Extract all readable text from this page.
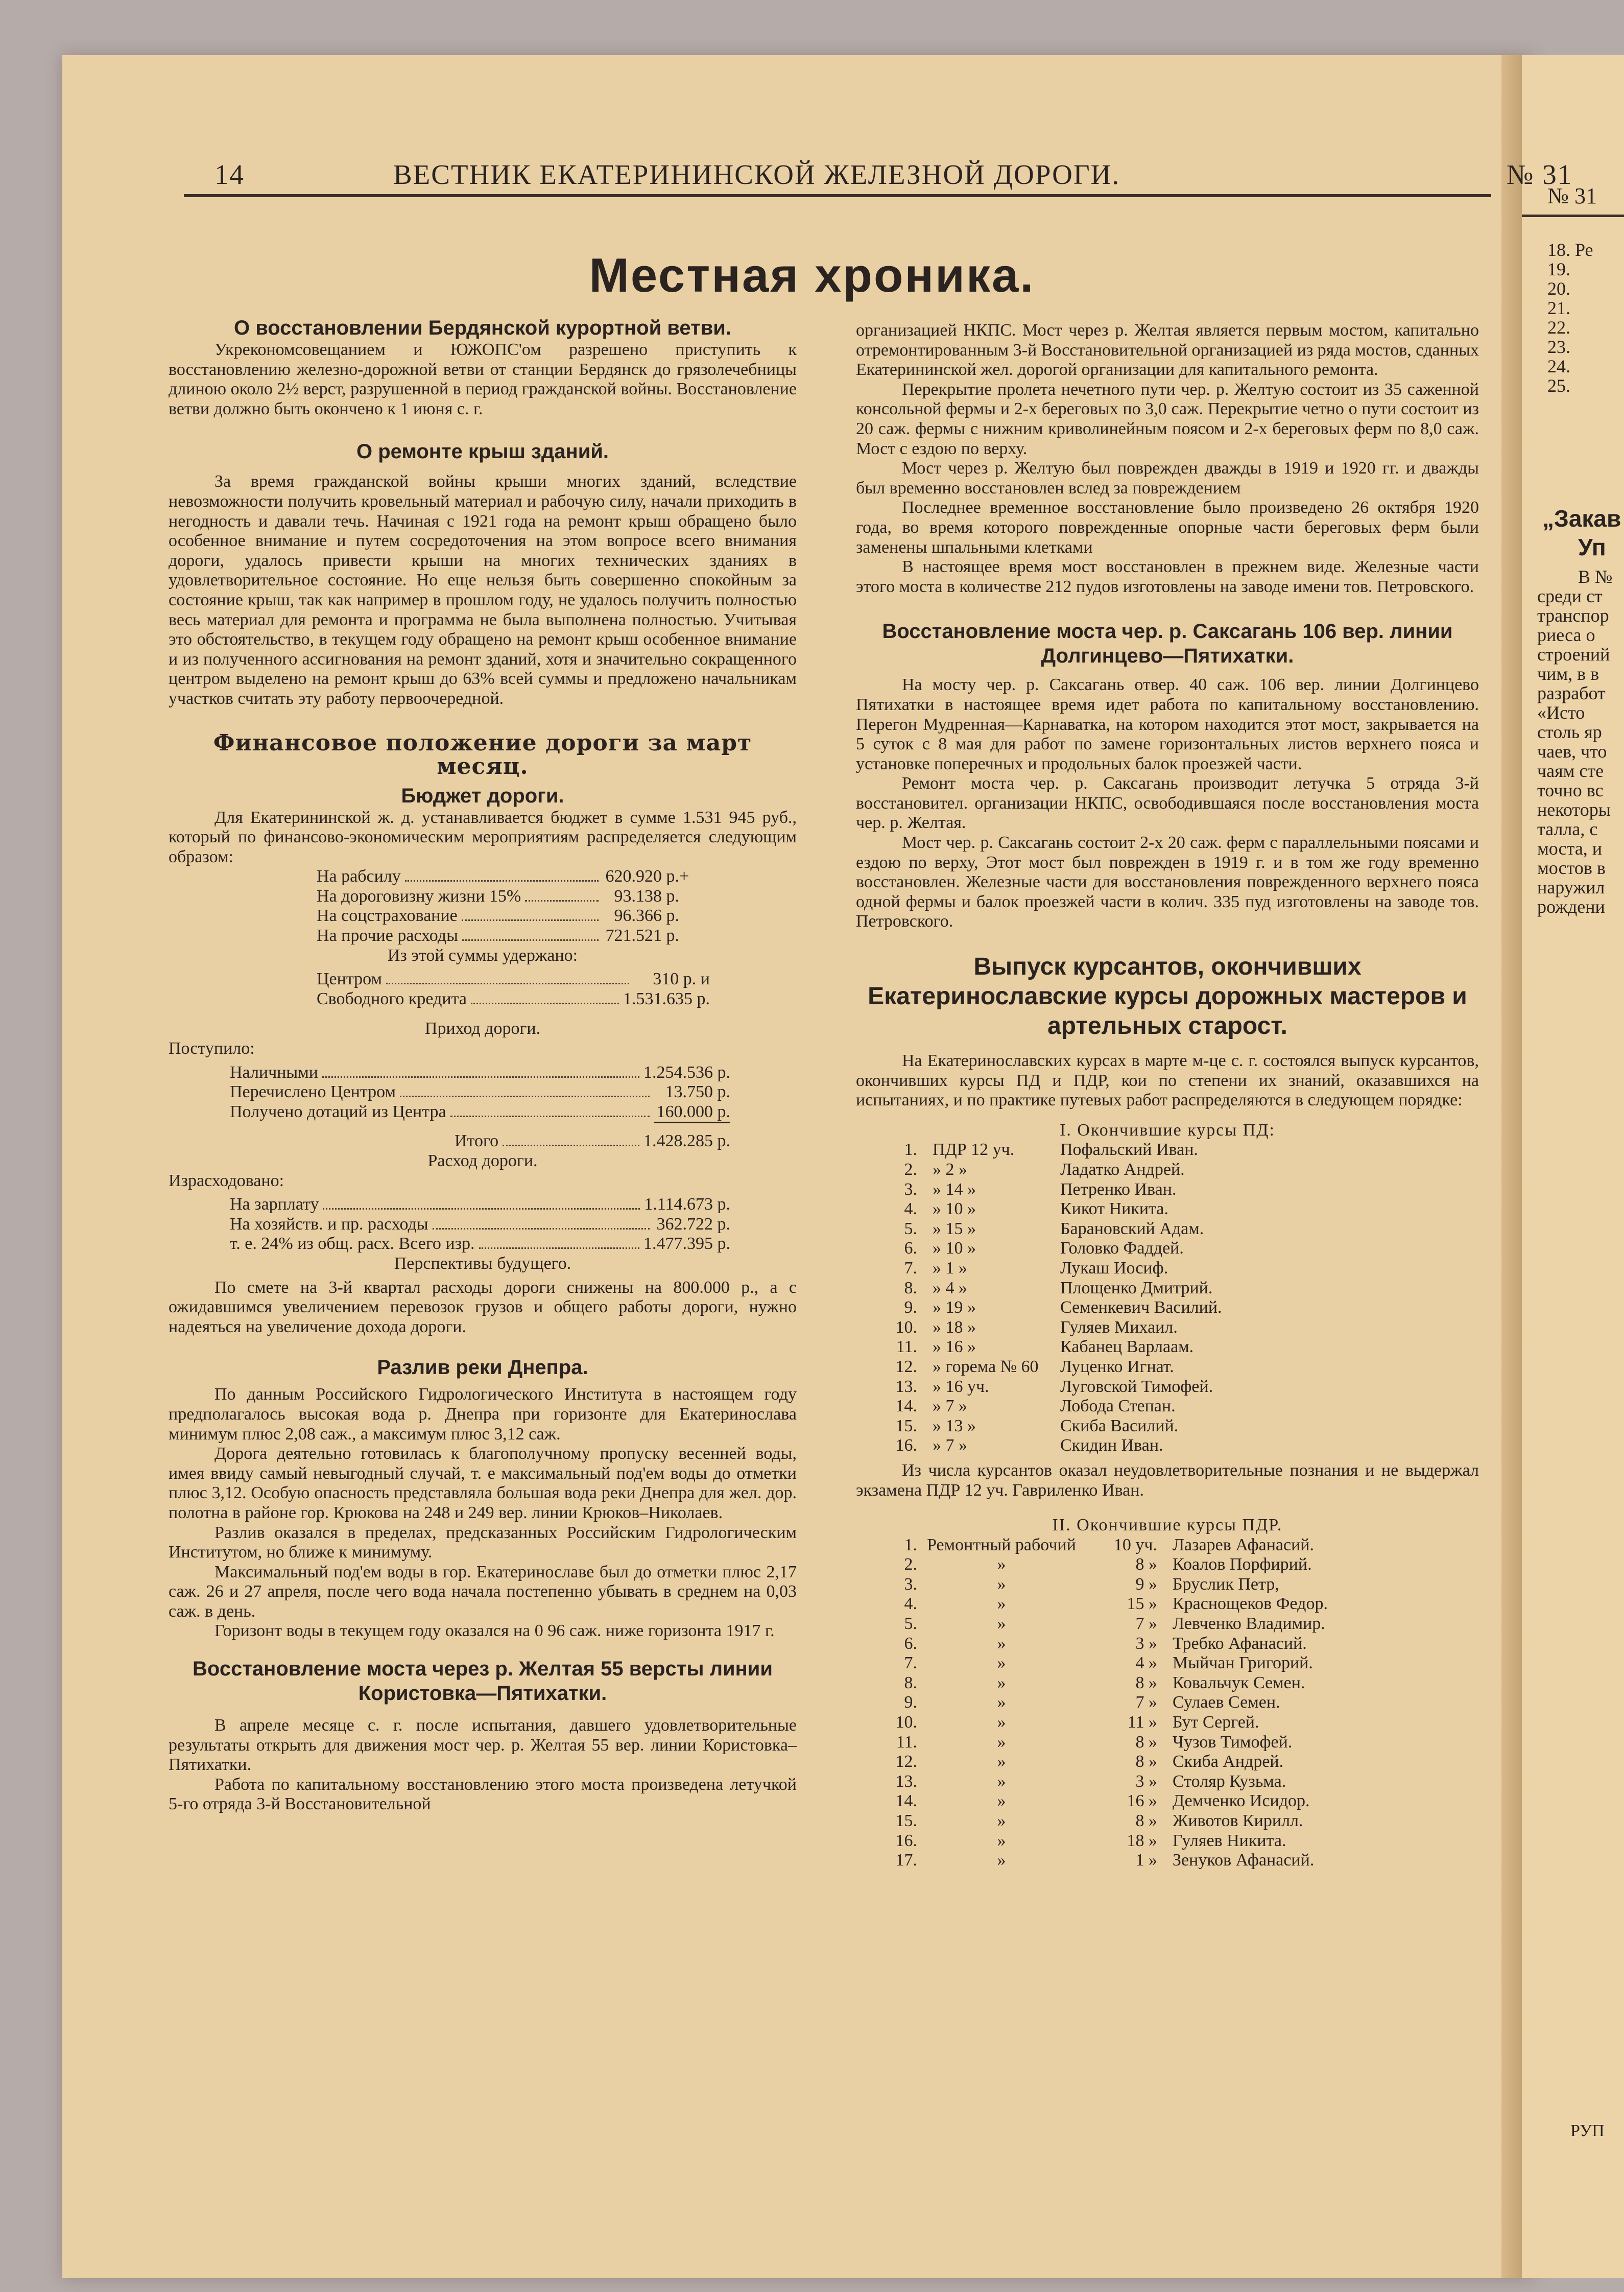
№ 31
18. Ре
19.
20.
21.
22.
23.
24.
25.
„Закав
Уп
В №
среди ст
транспор
риеса о
строений
чим, в в
разработ
«Исто
столь яр
чаев, что
чаям сте
точно вс
некоторы
талла, с
моста, и
мостов в
наружил
рождени
РУП
14	ВЕСТНИК ЕКАТЕРИНИНСКОЙ ЖЕЛЕЗНОЙ ДОРОГИ.	№ 31
Местная хроника.
О восстановлении Бердянской курортной ветви.

Укрекономсовещанием и ЮЖОПС'ом разрешено приступить к восстановлению железно-дорожной ветви от станции Бердянск до грязолечебницы длиною около 2½ верст, разрушенной в период гражданской войны. Восстановление ветви должно быть окончено к 1 июня с. г.

О ремонте крыш зданий.

За время гражданской войны крыши многих зданий, вследствие невозможности получить кровельный материал и рабочую силу, начали приходить в негодность и давали течь. Начиная с 1921 года на ремонт крыш обращено было особенное внимание и путем сосредоточения на этом вопросе всего внимания дороги, удалось привести крыши на многих технических зданиях в удовлетворительное состояние. Но еще нельзя быть совершенно спокойным за состояние крыш, так как например в прошлом году, не удалось получить полностью весь материал для ремонта и программа не была выполнена полностью. Учитывая это обстоятельство, в текущем году обращено на ремонт крыш особенное внимание и из полученного ассигнования на ремонт зданий, хотя и значительно сокращенного центром выделено на ремонт крыш до 63% всей суммы и предложено начальникам участков считать эту работу первоочередной.

Финансовое положение дороги за март месяц.
Бюджет дороги.

Для Екатерининской ж. д. устанавливается бюджет в сумме 1.531 945 руб., который по финансово-экономическим мероприятиям распределяется следующим образом:

На рабсилу	620.920 р. +
На дороговизну жизни 15%	93.138 р.
На соцстрахование	96.366 р.
На прочие расходы	721.521 р.

Из этой суммы удержано:

Центром	310 р. и
Свободного кредита	1.531.635 р.

Приход дороги.

Поступило:

Наличными	1.254.536 р.
Перечислено Центром	13.750 р.
Получено дотаций из Центра	160.000 р.
Итого	1.428.285 р.

Расход дороги.

Израсходовано:

На зарплату	1.114.673 р.
На хозяйств. и пр. расходы	362.722 р.
т. е. 24% из общ. расх. Всего изр.	1.477.395 р.

Перспективы будущего.

По смете на 3-й квартал расходы дороги снижены на 800.000 р., а с ожидавшимся увеличением перевозок грузов и общего работы дороги, нужно надеяться на увеличение дохода дороги.

Разлив реки Днепра.

По данным Российского Гидрологического Института в настоящем году предполагалось высокая вода р. Днепра при горизонте для Екатеринослава минимум плюс 2,08 саж., а максимум плюс 3,12 саж.

Дорога деятельно готовилась к благополучному пропуску весенней воды, имея ввиду самый невыгодный случай, т. е максимальный под'ем воды до отметки плюс 3,12. Особую опасность представляла большая вода реки Днепра для жел. дор. полотна в районе гор. Крюкова на 248 и 249 вер. линии Крюков–Николаев.

Разлив оказался в пределах, предсказанных Российским Гидрологическим Институтом, но ближе к минимуму.

Максимальный под'ем воды в гор. Екатеринославе был до отметки плюс 2,17 саж. 26 и 27 апреля, после чего вода начала постепенно убывать в среднем на 0,03 саж. в день.

Горизонт воды в текущем году оказался на 0 96 саж. ниже горизонта 1917 г.

Восстановление моста через р. Желтая 55 версты линии Користовка—Пятихатки.

В апреле месяце с. г. после испытания, давшего удовлетворительные результаты открыть для движения мост чер. р. Желтая 55 вер. линии Користовка–Пятихатки.

Работа по капитальному восстановлению этого моста произведена летучкой 5-го отряда 3-й Восстановительной

организацией НКПС. Мост через р. Желтая является первым мостом, капитально отремонтированным 3-й Восстановительной организацией из ряда мостов, сданных Екатерининской жел. дорогой организации для капитального ремонта.

Перекрытие пролета нечетного пути чер. р. Желтую состоит из 35 саженной консольной фермы и 2-х береговых по 3,0 саж. Перекрытие четно о пути состоит из 20 саж. фермы с нижним криволинейным поясом и 2-х береговых ферм по 8,0 саж. Мост с ездою по верху.

Мост через р. Желтую был поврежден дважды в 1919 и 1920 гг. и дважды был временно восстановлен вслед за повреждением

Последнее временное восстановление было произведено 26 октября 1920 года, во время которого поврежденные опорные части береговых ферм были заменены шпальными клетками

В настоящее время мост восстановлен в прежнем виде. Железные части этого моста в количестве 212 пудов изготовлены на заводе имени тов. Петровского.

Восстановление моста чер. р. Саксагань 106 вер. линии Долгинцево—Пятихатки.

На мосту чер. р. Саксагань отвер. 40 саж. 106 вер. линии Долгинцево Пятихатки в настоящее время идет работа по капитальному восстановлению. Перегон Мудренная—Карнаватка, на котором находится этот мост, закрывается на 5 суток с 8 мая для работ по замене горизонтальных листов верхнего пояса и установке поперечных и продольных балок проезжей части.

Ремонт моста чер. р. Саксагань производит летучка 5 отряда 3-й восстановител. организации НКПС, освободившаяся после восстановления моста чер. р. Желтая.

Мост чер. р. Саксагань состоит 2-х 20 саж. ферм с параллельными поясами и ездою по верху, Этот мост был поврежден в 1919 г. и в том же году временно восстановлен. Железные части для восстановления поврежденного верхнего пояса одной фермы и балок проезжей части в колич. 335 пуд изготовлены на заводе тов. Петровского.

Выпуск курсантов, окончивших Екатеринославские курсы дорожных мастеров и артельных старост.

На Екатеринославских курсах в марте м-це с. г. состоялся выпуск курсантов, окончивших курсы ПД и ПДР, кои по степени их знаний, оказавшихся на испытаниях, и по практике путевых работ распределяются в следующем порядке:

I. Окончившие курсы ПД:

1. ПДР 12 уч.	Пофальский Иван.
2. » 2 »	Ладатко Андрей.
3. » 14 »	Петренко Иван.
4. » 10 »	Кикот Никита.
5. » 15 »	Барановский Адам.
6. » 10 »	Головко Фаддей.
7. » 1 »	Лукаш Иосиф.
8. » 4 »	Площенко Дмитрий.
9. » 19 »	Семенкевич Василий.
10. » 18 »	Гуляев Михаил.
11. » 16 »	Кабанец Варлаам.
12. » горема № 60	Луценко Игнат.
13. » 16 уч.	Луговской Тимофей.
14. » 7 »	Лобода Степан.
15. » 13 »	Скиба Василий.
16. » 7 »	Скидин Иван.

Из числа курсантов оказал неудовлетворительные познания и не выдержал экзамена ПДР 12 уч. Гавриленко Иван.

II. Окончившие курсы ПДР.

1. Ремонтный рабочий	10 уч. Лазарев Афанасий.
2.	»	8 » Коалов Порфирий.
3.	»	9 » Бруслик Петр,
4.	»	15 » Краснощеков Федор.
5.	»	7 » Левченко Владимир.
6.	»	3 » Требко Афанасий.
7.	»	4 » Мыйчан Григорий.
8.	»	8 » Ковальчук Семен.
9.	»	7 » Сулаев Семен.
10.	»	11 » Бут Сергей.
11.	»	8 » Чузов Тимофей.
12.	»	8 » Скиба Андрей.
13.	»	3 » Столяр Кузьма.
14.	»	16 » Демченко Исидор.
15.	»	8 » Животов Кирилл.
16.	»	18 » Гуляев Никита.
17.	»	1 » Зенуков Афанасий.
